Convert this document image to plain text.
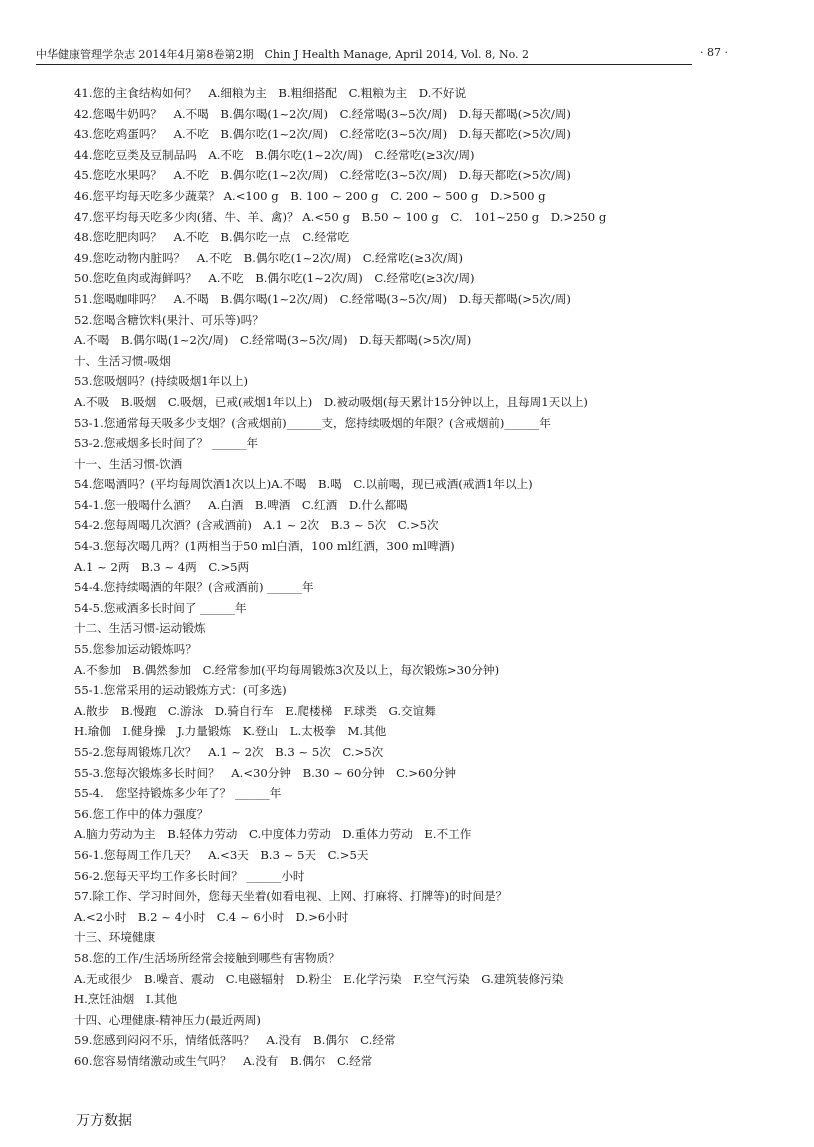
中华健康管理学杂志 2014年4月第8卷第2期　Chin J Health Manage, April 2014, Vol. 8, No. 2	· 87 ·
41.您的主食结构如何？　A.细粮为主　B.粗细搭配　C.粗粮为主　D.不好说
42.您喝牛奶吗？　A.不喝　B.偶尔喝(1~2次/周)　C.经常喝(3~5次/周)　D.每天都喝(>5次/周)
43.您吃鸡蛋吗？　A.不吃　B.偶尔吃(1~2次/周)　C.经常吃(3~5次/周)　D.每天都吃(>5次/周)
44.您吃豆类及豆制品吗　A.不吃　B.偶尔吃(1~2次/周)　C.经常吃(≥3次/周)
45.您吃水果吗？　A.不吃　B.偶尔吃(1~2次/周)　C.经常吃(3~5次/周)　D.每天都吃(>5次/周)
46.您平均每天吃多少蔬菜？ A.<100 g　B. 100 ~ 200 g　C. 200 ~ 500 g　D.>500 g
47.您平均每天吃多少肉(猪、牛、羊、禽)？ A.<50 g　B.50 ~ 100 g　C.　101~250 g　D.>250 g
48.您吃肥肉吗？　A.不吃　B.偶尔吃一点　C.经常吃
49.您吃动物内脏吗？　A.不吃　B.偶尔吃(1~2次/周)　C.经常吃(≥3次/周)
50.您吃鱼肉或海鲜吗？　A.不吃　B.偶尔吃(1~2次/周)　C.经常吃(≥3次/周)
51.您喝咖啡吗？　A.不喝　B.偶尔喝(1~2次/周)　C.经常喝(3~5次/周)　D.每天都喝(>5次/周)
52.您喝含糖饮料(果汁、可乐等)吗？
A.不喝　B.偶尔喝(1~2次/周)　C.经常喝(3~5次/周)　D.每天都喝(>5次/周)
十、生活习惯-吸烟
53.您吸烟吗？(持续吸烟1年以上)
A.不吸　B.吸烟　C.吸烟，已戒(戒烟1年以上)　D.被动吸烟(每天累计15分钟以上，且每周1天以上)
53-1.您通常每天吸多少支烟？(含戒烟前)______支，您持续吸烟的年限？(含戒烟前)______年
53-2.您戒烟多长时间了？ ______年
十一、生活习惯-饮酒
54.您喝酒吗？(平均每周饮酒1次以上)A.不喝　B.喝　C.以前喝，现已戒酒(戒酒1年以上)
54-1.您一般喝什么酒？　A.白酒　B.啤酒　C.红酒　D.什么都喝
54-2.您每周喝几次酒？(含戒酒前)　A.1 ~ 2次　B.3 ~ 5次　C.>5次
54-3.您每次喝几两？(1两相当于50 ml白酒，100 ml红酒，300 ml啤酒)
A.1 ~ 2两　B.3 ~ 4两　C.>5两
54-4.您持续喝酒的年限？(含戒酒前) ______年
54-5.您戒酒多长时间了 ______年
十二、生活习惯-运动锻炼
55.您参加运动锻炼吗？
A.不参加　B.偶然参加　C.经常参加(平均每周锻炼3次及以上，每次锻炼>30分钟)
55-1.您常采用的运动锻炼方式：(可多选)
A.散步　B.慢跑　C.游泳　D.骑自行车　E.爬楼梯　F.球类　G.交谊舞
H.瑜伽　I.健身操　J.力量锻炼　K.登山　L.太极拳　M.其他
55-2.您每周锻炼几次？　A.1 ~ 2次　B.3 ~ 5次　C.>5次
55-3.您每次锻炼多长时间？　A.<30分钟　B.30 ~ 60分钟　C.>60分钟
55-4.　您坚持锻炼多少年了？ ______年
56.您工作中的体力强度？
A.脑力劳动为主　B.轻体力劳动　C.中度体力劳动　D.重体力劳动　E.不工作
56-1.您每周工作几天？　A.<3天　B.3 ~ 5天　C.>5天
56-2.您每天平均工作多长时间？ ______小时
57.除工作、学习时间外，您每天坐着(如看电视、上网、打麻将、打牌等)的时间是？
A.<2小时　B.2 ~ 4小时　C.4 ~ 6小时　D.>6小时
十三、环境健康
58.您的工作/生活场所经常会接触到哪些有害物质？
A.无或很少　B.噪音、震动　C.电磁辐射　D.粉尘　E.化学污染　F.空气污染　G.建筑装修污染
H.烹饪油烟　I.其他
十四、心理健康-精神压力(最近两周)
59.您感到闷闷不乐，情绪低落吗？　A.没有　B.偶尔　C.经常
60.您容易情绪激动或生气吗？　A.没有　B.偶尔　C.经常
万方数据
